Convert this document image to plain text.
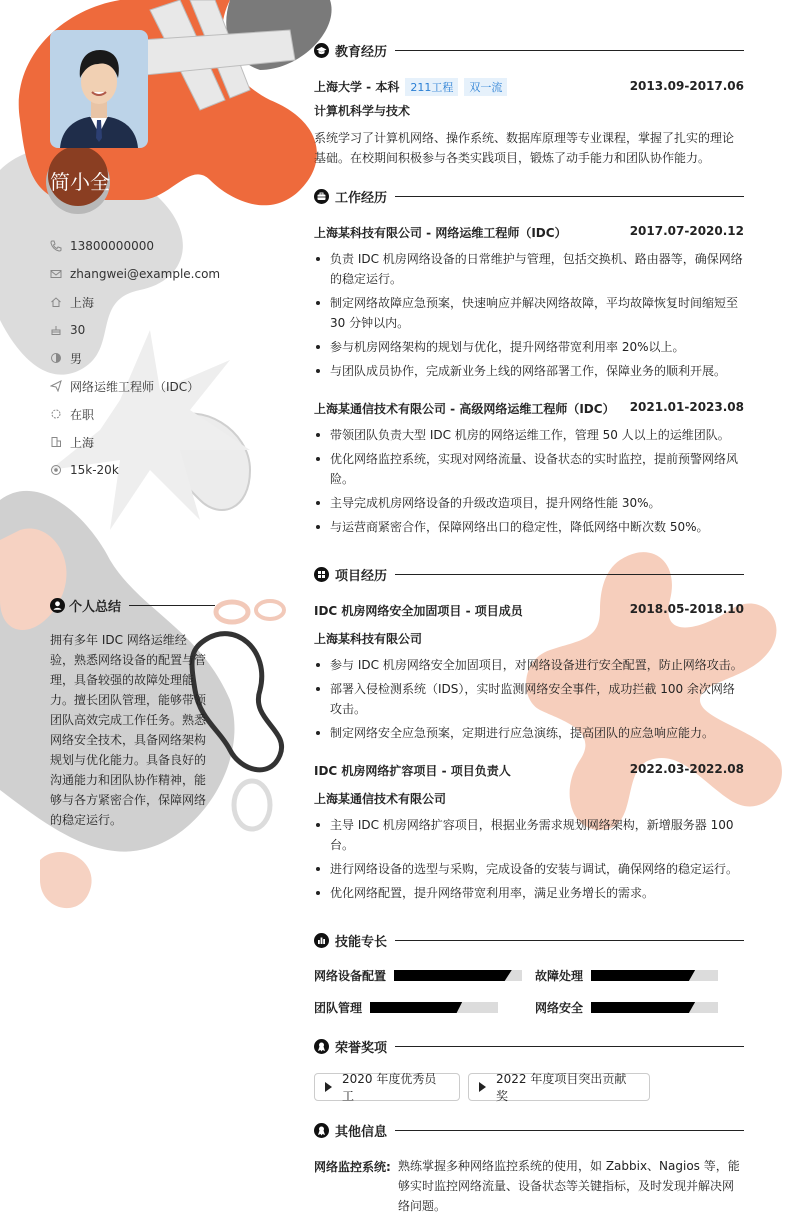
简小全
13800000000
zhangwei@example.com
上海
30
男
网络运维工程师（IDC）
在职
上海
15k-20k
个人总结
拥有多年 IDC 网络运维经验，熟悉网络设备的配置与管理，具备较强的故障处理能力。擅长团队管理，能够带领团队高效完成工作任务。熟悉网络安全技术，具备网络架构规划与优化能力。具备良好的沟通能力和团队协作精神，能够与各方紧密合作，保障网络的稳定运行。
教育经历
上海大学 - 本科 211工程 双一流	2013.09-2017.06
计算机科学与技术
系统学习了计算机网络、操作系统、数据库原理等专业课程，掌握了扎实的理论基础。在校期间积极参与各类实践项目，锻炼了动手能力和团队协作能力。
工作经历
上海某科技有限公司 - 网络运维工程师（IDC）	2017.07-2020.12
负责 IDC 机房网络设备的日常维护与管理，包括交换机、路由器等，确保网络的稳定运行。
制定网络故障应急预案，快速响应并解决网络故障，平均故障恢复时间缩短至 30 分钟以内。
参与机房网络架构的规划与优化，提升网络带宽利用率 20%以上。
与团队成员协作，完成新业务上线的网络部署工作，保障业务的顺利开展。
上海某通信技术有限公司 - 高级网络运维工程师（IDC） 2021.01-2023.08
带领团队负责大型 IDC 机房的网络运维工作，管理 50 人以上的运维团队。
优化网络监控系统，实现对网络流量、设备状态的实时监控，提前预警网络风险。
主导完成机房网络设备的升级改造项目，提升网络性能 30%。
与运营商紧密合作，保障网络出口的稳定性，降低网络中断次数 50%。
项目经历
IDC 机房网络安全加固项目 - 项目成员	2018.05-2018.10
上海某科技有限公司
参与 IDC 机房网络安全加固项目，对网络设备进行安全配置，防止网络攻击。
部署入侵检测系统（IDS），实时监测网络安全事件，成功拦截 100 余次网络攻击。
制定网络安全应急预案，定期进行应急演练，提高团队的应急响应能力。
IDC 机房网络扩容项目 - 项目负责人	2022.03-2022.08
上海某通信技术有限公司
主导 IDC 机房网络扩容项目，根据业务需求规划网络架构，新增服务器 100 台。
进行网络设备的选型与采购，完成设备的安装与调试，确保网络的稳定运行。
优化网络配置，提升网络带宽利用率，满足业务增长的需求。
技能专长
网络设备配置	故障处理
团队管理	网络安全
荣誉奖项
2020 年度优秀员工
2022 年度项目突出贡献奖
其他信息
网络监控系统: 熟练掌握多种网络监控系统的使用，如 Zabbix、Nagios 等，能够实时监控网络流量、设备状态等关键指标，及时发现并解决网络问题。
